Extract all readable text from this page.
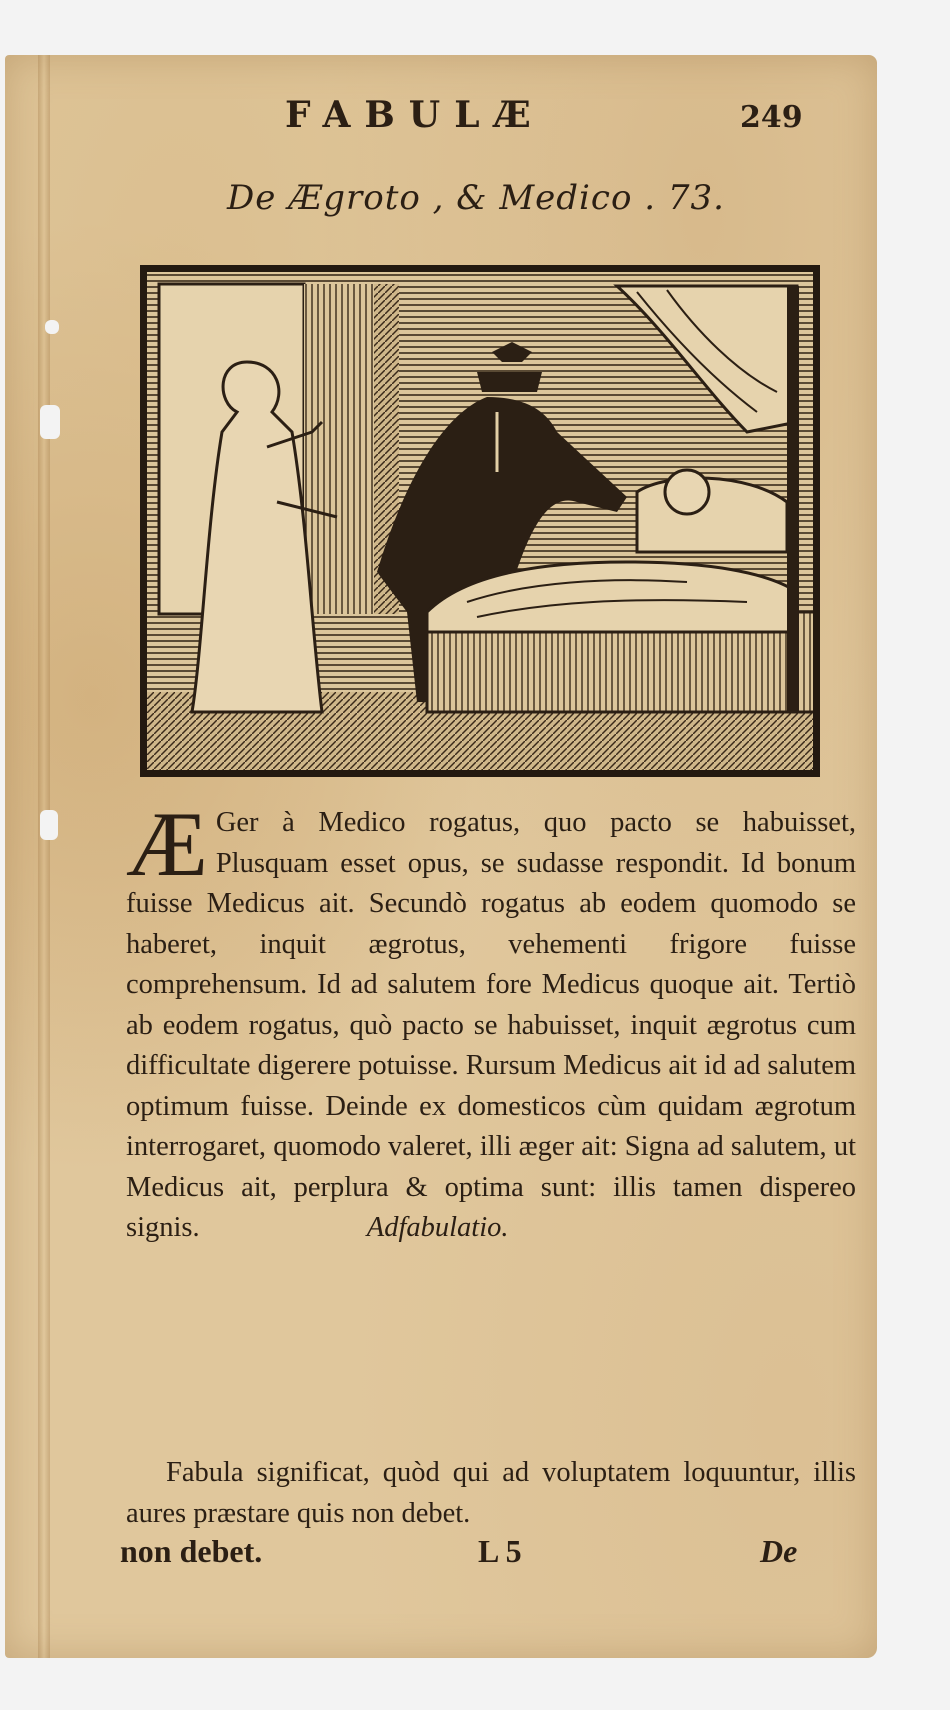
FABULÆ	249
De Ægroto , & Medico . 73.
Æ Ger à Medico rogatus, quo pacto se habuisset, Plusquam esset opus, se sudasse respondit. Id bonum fuisse Medicus ait. Secundò rogatus ab eodem quomodo se haberet, inquit ægrotus, vehementi frigore fuisse comprehensum. Id ad salutem fore Medicus quoque ait. Tertiò ab eodem rogatus, quò pacto se habuisset, inquit ægrotus cum difficultate digerere potuisse. Rursum Medicus ait id ad salutem optimum fuisse. Deinde ex domesticos cùm quidam ægrotum interrogaret, quomodo valeret, illi æger ait: Signa ad salutem, ut Medicus ait, perplura & optima sunt: illis tamen dispereo signis.	Adfabulatio.
Fabula significat, quòd qui ad voluptatem loquuntur, illis aures præstare quis non debet.
non debet.	L 5	De
